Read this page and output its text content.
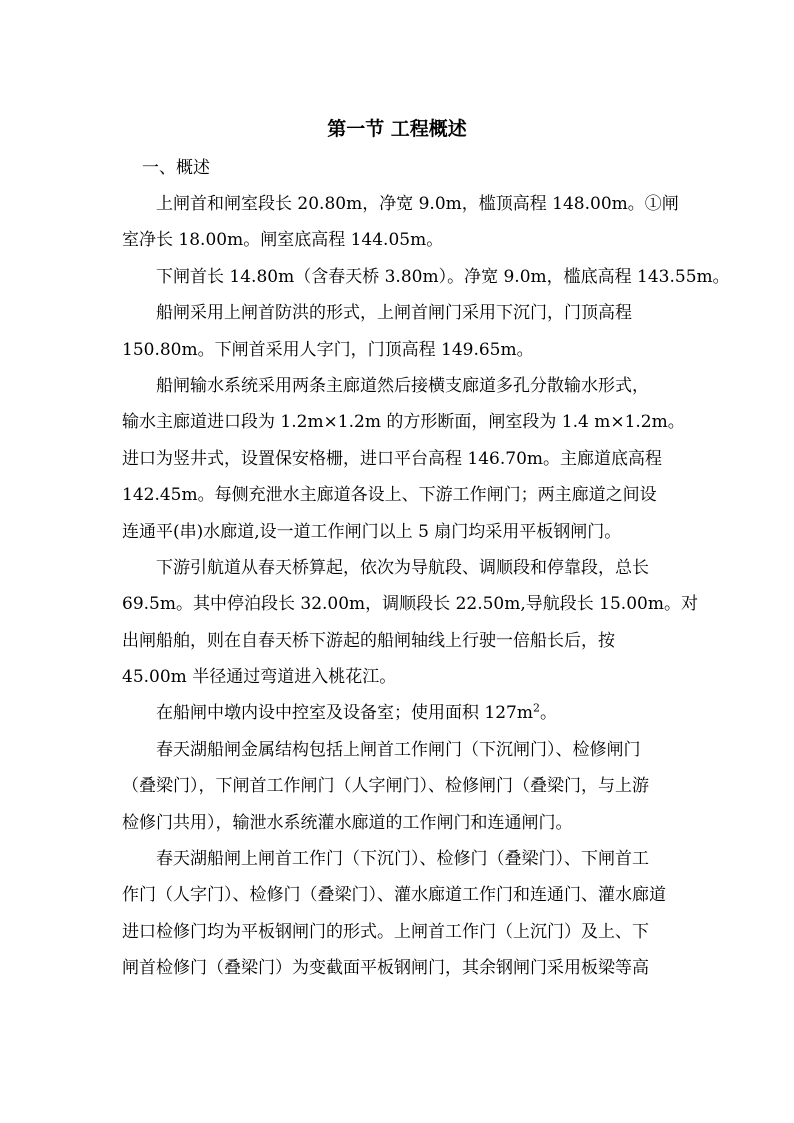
第一节 工程概述
一、概述
上闸首和闸室段长 20.80m，净宽 9.0m，槛顶高程 148.00m。①闸
室净长 18.00m。闸室底高程 144.05m。
下闸首长 14.80m（含春天桥 3.80m）。净宽 9.0m，槛底高程 143.55m。
船闸采用上闸首防洪的形式，上闸首闸门采用下沉门，门顶高程
150.80m。下闸首采用人字门，门顶高程 149.65m。
船闸输水系统采用两条主廊道然后接横支廊道多孔分散输水形式，
输水主廊道进口段为 1.2m×1.2m 的方形断面，闸室段为 1.4 m×1.2m。
进口为竖井式，设置保安格栅，进口平台高程 146.70m。主廊道底高程
142.45m。每侧充泄水主廊道各设上、下游工作闸门；两主廊道之间设
连通平(串)水廊道,设一道工作闸门以上 5 扇门均采用平板钢闸门。
下游引航道从春天桥算起，依次为导航段、调顺段和停靠段，总长
69.5m。其中停泊段长 32.00m，调顺段长 22.50m,导航段长 15.00m。对
出闸船舶，则在自春天桥下游起的船闸轴线上行驶一倍船长后，按
45.00m 半径通过弯道进入桃花江。
在船闸中墩内设中控室及设备室；使用面积 $127m^2$。
春天湖船闸金属结构包括上闸首工作闸门（下沉闸门）、检修闸门
（叠梁门），下闸首工作闸门（人字闸门）、检修闸门（叠梁门，与上游
检修门共用），输泄水系统灌水廊道的工作闸门和连通闸门。
春天湖船闸上闸首工作门（下沉门）、检修门（叠梁门）、下闸首工
作门（人字门）、检修门（叠梁门）、灌水廊道工作门和连通门、灌水廊道
进口检修门均为平板钢闸门的形式。上闸首工作门（上沉门）及上、下
闸首检修门（叠梁门）为变截面平板钢闸门，其余钢闸门采用板梁等高
